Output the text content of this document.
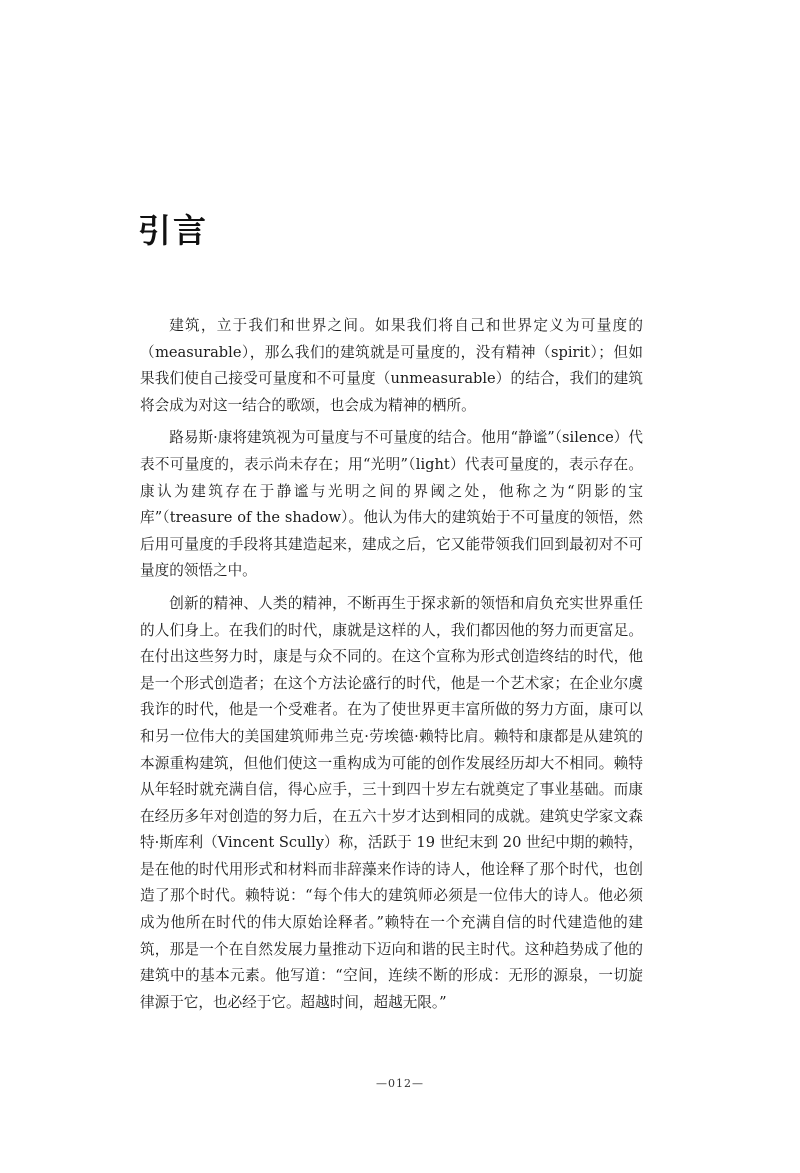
引言

建筑，立于我们和世界之间。如果我们将自己和世界定义为可量度的（measurable），那么我们的建筑就是可量度的，没有精神（spirit）；但如果我们使自己接受可量度和不可量度（unmeasurable）的结合，我们的建筑将会成为对这一结合的歌颂，也会成为精神的栖所。

路易斯·康将建筑视为可量度与不可量度的结合。他用“静谧”（silence）代表不可量度的，表示尚未存在；用“光明”（light）代表可量度的，表示存在。康认为建筑存在于静谧与光明之间的界阈之处，他称之为“阴影的宝库”（treasure of the shadow）。他认为伟大的建筑始于不可量度的领悟，然后用可量度的手段将其建造起来，建成之后，它又能带领我们回到最初对不可量度的领悟之中。

创新的精神、人类的精神，不断再生于探求新的领悟和肩负充实世界重任的人们身上。在我们的时代，康就是这样的人，我们都因他的努力而更富足。在付出这些努力时，康是与众不同的。在这个宣称为形式创造终结的时代，他是一个形式创造者；在这个方法论盛行的时代，他是一个艺术家；在企业尔虞我诈的时代，他是一个受难者。在为了使世界更丰富所做的努力方面，康可以和另一位伟大的美国建筑师弗兰克·劳埃德·赖特比肩。赖特和康都是从建筑的本源重构建筑，但他们使这一重构成为可能的创作发展经历却大不相同。赖特从年轻时就充满自信，得心应手，三十到四十岁左右就奠定了事业基础。而康在经历多年对创造的努力后，在五六十岁才达到相同的成就。建筑史学家文森特·斯库利（Vincent Scully）称，活跃于 19 世纪末到 20 世纪中期的赖特，是在他的时代用形式和材料而非辞藻来作诗的诗人，他诠释了那个时代，也创造了那个时代。赖特说：“每个伟大的建筑师必须是一位伟大的诗人。他必须成为他所在时代的伟大原始诠释者。”赖特在一个充满自信的时代建造他的建筑，那是一个在自然发展力量推动下迈向和谐的民主时代。这种趋势成了他的建筑中的基本元素。他写道：“空间，连续不断的形成：无形的源泉，一切旋律源于它，也必经于它。超越时间，超越无限。”

—012—
